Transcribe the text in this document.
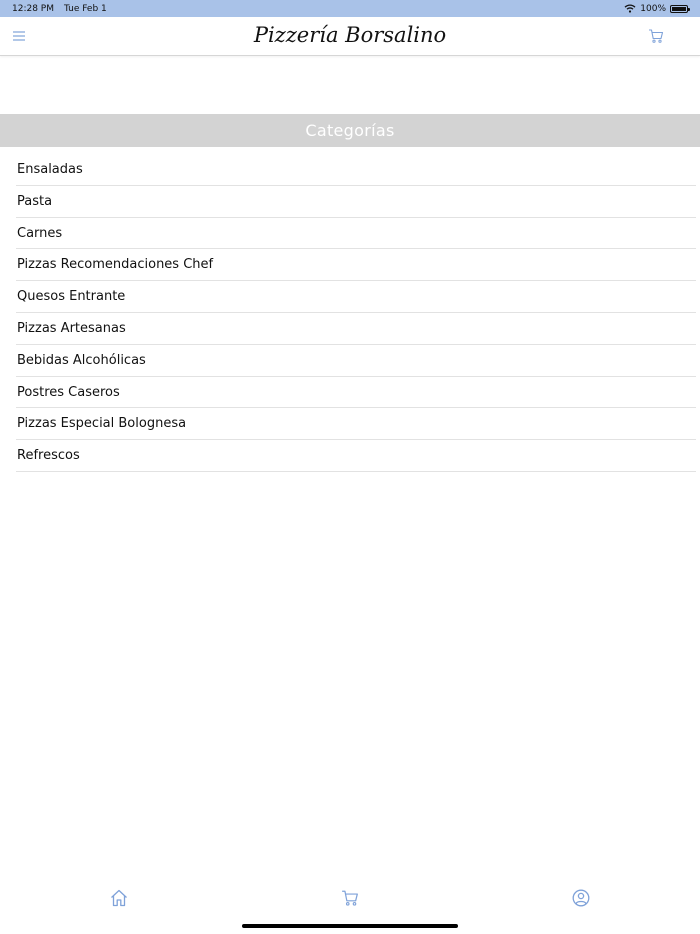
12:28 PM Tue Feb 1	100%
Pizzería Borsalino
Categorías
Ensaladas
Pasta
Carnes
Pizzas Recomendaciones Chef
Quesos Entrante
Pizzas Artesanas
Bebidas Alcohólicas
Postres Caseros
Pizzas Especial Bolognesa
Refrescos
